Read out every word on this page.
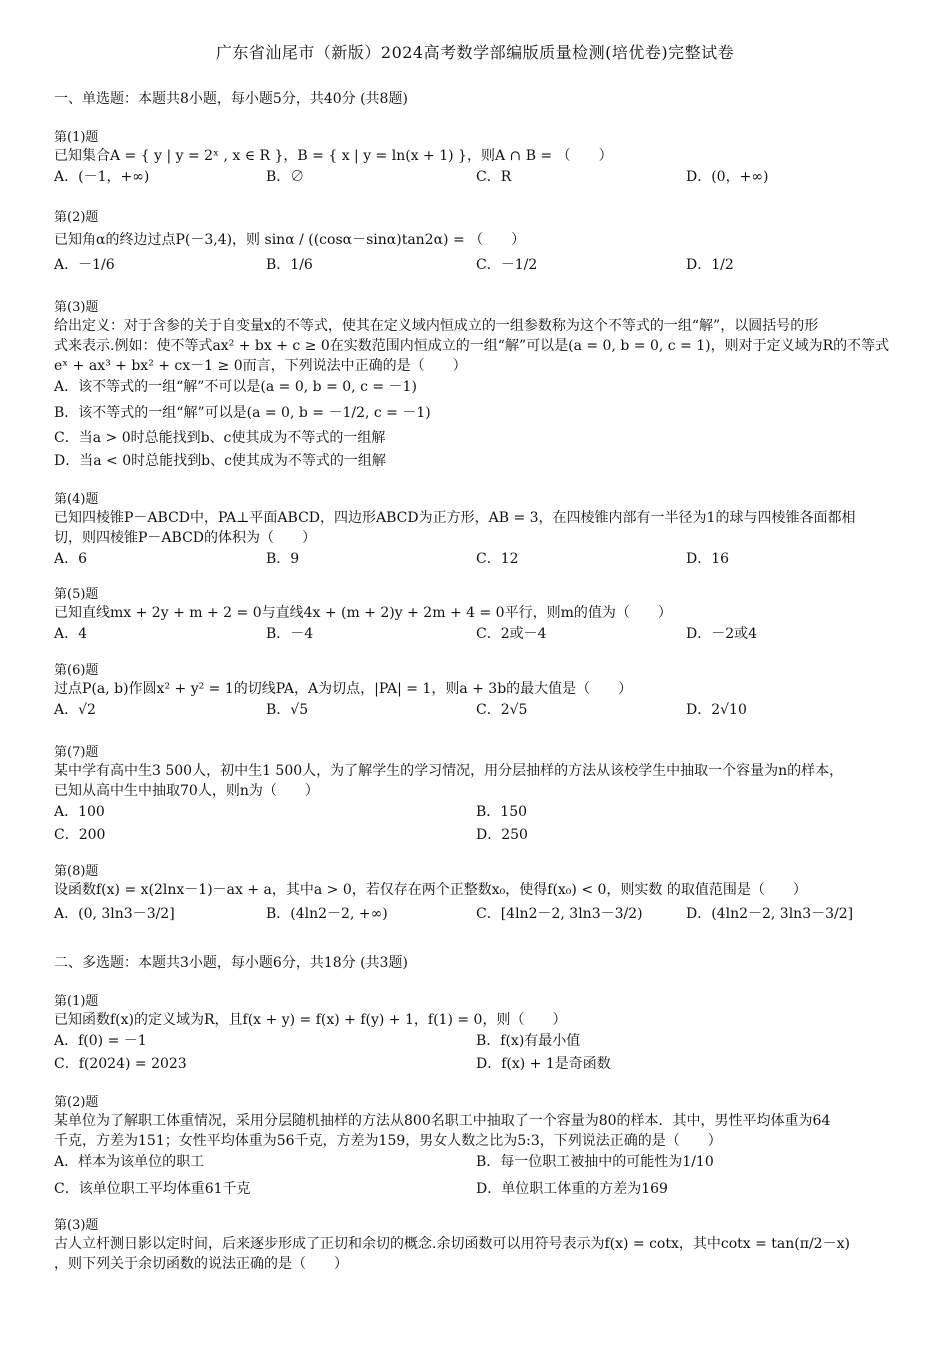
广东省汕尾市（新版）2024高考数学部编版质量检测(培优卷)完整试卷
一、单选题：本题共8小题，每小题5分，共40分 (共8题)
第(1)题
已知集合A = { y | y = 2ˣ , x ∈ R }，B = { x | y = ln(x + 1) }，则A ∩ B = （　　）
A．(－1，+∞)	B．∅	C．R	D．(0，+∞)
第(2)题
已知角α的终边过点P(－3,4)，则 sinα / ((cosα－sinα)tan2α) = （　　）
A．－1/6	B．1/6	C．－1/2	D．1/2
第(3)题
给出定义：对于含参的关于自变量x的不等式，使其在定义域内恒成立的一组参数称为这个不等式的一组“解”，以圆括号的形
式来表示.例如：使不等式ax² + bx + c ≥ 0在实数范围内恒成立的一组“解”可以是(a = 0, b = 0, c = 1)，则对于定义域为R的不等式
eˣ + ax³ + bx² + cx－1 ≥ 0而言，下列说法中正确的是（　　）
A．该不等式的一组“解”不可以是(a = 0, b = 0, c = －1)
B．该不等式的一组“解”可以是(a = 0, b = －1/2, c = －1)
C．当a > 0时总能找到b、c使其成为不等式的一组解
D．当a < 0时总能找到b、c使其成为不等式的一组解
第(4)题
已知四棱锥P－ABCD中，PA⊥平面ABCD，四边形ABCD为正方形，AB = 3，在四棱锥内部有一半径为1的球与四棱锥各面都相
切，则四棱锥P－ABCD的体积为（　　）
A．6	B．9	C．12	D．16
第(5)题
已知直线mx + 2y + m + 2 = 0与直线4x + (m + 2)y + 2m + 4 = 0平行，则m的值为（　　）
A．4	B．－4	C．2或－4	D．－2或4
第(6)题
过点P(a, b)作圆x² + y² = 1的切线PA，A为切点，|PA| = 1，则a + 3b的最大值是（　　）
A．√2	B．√5	C．2√5	D．2√10
第(7)题
某中学有高中生3 500人，初中生1 500人，为了解学生的学习情况，用分层抽样的方法从该校学生中抽取一个容量为n的样本，
已知从高中生中抽取70人，则n为（　　）
A．100	B．150
C．200	D．250
第(8)题
设函数f(x) = x(2lnx－1)－ax + a，其中a > 0，若仅存在两个正整数x₀，使得f(x₀) < 0，则实数 的取值范围是（　　）
A．(0, 3ln3－3/2]	B．(4ln2－2, +∞)	C．[4ln2－2, 3ln3－3/2)	D．(4ln2－2, 3ln3－3/2]
二、多选题：本题共3小题，每小题6分，共18分 (共3题)
第(1)题
已知函数f(x)的定义域为R，且f(x + y) = f(x) + f(y) + 1，f(1) = 0，则（　　）
A．f(0) = －1	B．f(x)有最小值
C．f(2024) = 2023	D．f(x) + 1是奇函数
第(2)题
某单位为了解职工体重情况，采用分层随机抽样的方法从800名职工中抽取了一个容量为80的样本．其中，男性平均体重为64
千克，方差为151；女性平均体重为56千克，方差为159，男女人数之比为5:3，下列说法正确的是（　　）
A．样本为该单位的职工	B．每一位职工被抽中的可能性为1/10
C．该单位职工平均体重61千克	D．单位职工体重的方差为169
第(3)题
古人立杆测日影以定时间，后来逐步形成了正切和余切的概念.余切函数可以用符号表示为f(x) = cotx，其中cotx = tan(π/2－x)
，则下列关于余切函数的说法正确的是（　　）
